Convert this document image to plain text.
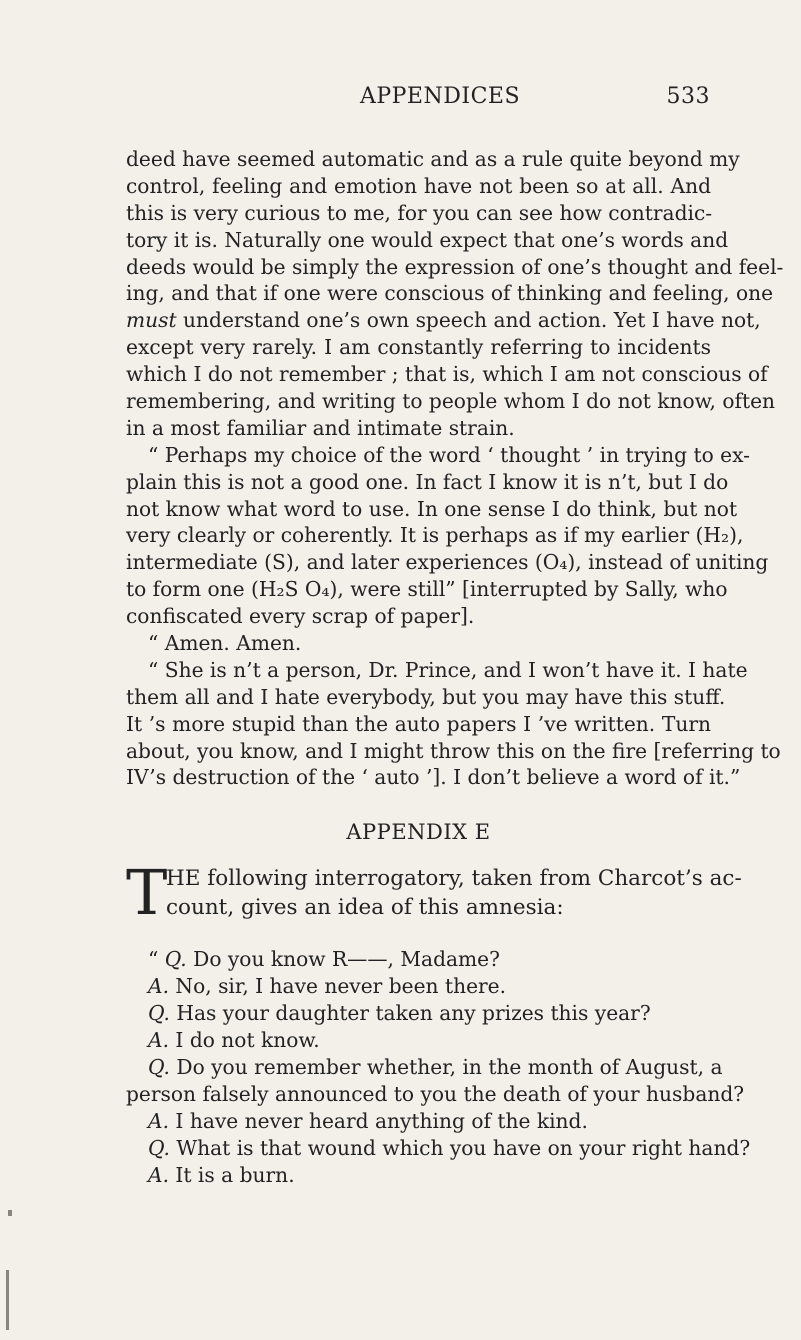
APPENDICES	533
deed have seemed automatic and as a rule quite beyond my
control, feeling and emotion have not been so at all. And
this is very curious to me, for you can see how contradic-
tory it is. Naturally one would expect that one’s words and
deeds would be simply the expression of one’s thought and feel-
ing, and that if one were conscious of thinking and feeling, one
must understand one’s own speech and action. Yet I have not,
except very rarely. I am constantly referring to incidents
which I do not remember ; that is, which I am not conscious of
remembering, and writing to people whom I do not know, often
in a most familiar and intimate strain.
“ Perhaps my choice of the word ‘ thought ’ in trying to ex-
plain this is not a good one. In fact I know it is n’t, but I do
not know what word to use. In one sense I do think, but not
very clearly or coherently. It is perhaps as if my earlier (H₂),
intermediate (S), and later experiences (O₄), instead of uniting
to form one (H₂S O₄), were still” [interrupted by Sally, who
confiscated every scrap of paper].
“ Amen. Amen.
“ She is n’t a person, Dr. Prince, and I won’t have it. I hate
them all and I hate everybody, but you may have this stuff.
It ’s more stupid than the auto papers I ’ve written. Turn
about, you know, and I might throw this on the fire [referring to
IV’s destruction of the ‘ auto ’]. I don’t believe a word of it.”
APPENDIX E
T
HE following interrogatory, taken from Charcot’s ac-
count, gives an idea of this amnesia:
“ Q. Do you know R——, Madame?
A. No, sir, I have never been there.
Q. Has your daughter taken any prizes this year?
A. I do not know.
Q. Do you remember whether, in the month of August, a
person falsely announced to you the death of your husband?
A. I have never heard anything of the kind.
Q. What is that wound which you have on your right hand?
A. It is a burn.
